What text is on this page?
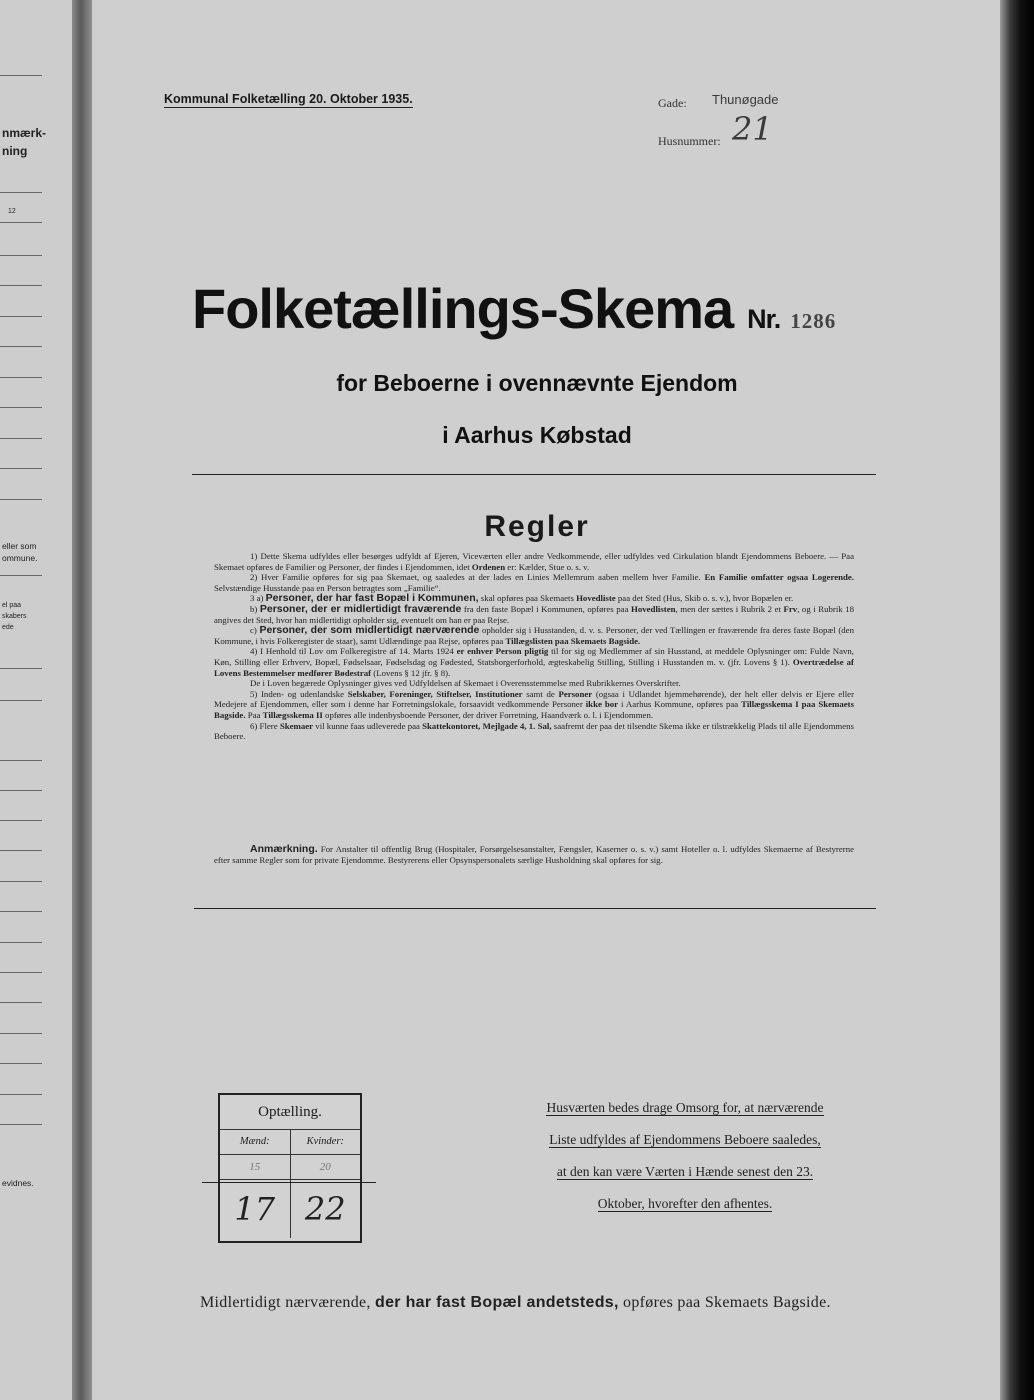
nmærk-
ning
12
eller som
ommune.
el paa
skabers
ede
evidnes.
Kommunal Folketælling 20. Oktober 1935.	Gade: Thunøgade
Husnummer: 21
Folketællings-Skema Nr. 1286
for Beboerne i ovennævnte Ejendom
i Aarhus Købstad
Regler

1) Dette Skema udfyldes eller besørges udfyldt af Ejeren, Viceværten eller andre Vedkommende, eller udfyldes ved Cirkulation blandt Ejendommens Beboere. — Paa Skemaet opføres de Familier og Personer, der findes i Ejendommen, idet Ordenen er: Kælder, Stue o. s. v.

2) Hver Familie opføres for sig paa Skemaet, og saaledes at der lades en Linies Mellemrum aaben mellem hver Familie. En Familie omfatter ogsaa Logerende. Selvstændige Husstande paa en Person betragtes som „Familie“.

3 a) Personer, der har fast Bopæl i Kommunen, skal opføres paa Skemaets Hovedliste paa det Sted (Hus, Skib o. s. v.), hvor Bopælen er.

b) Personer, der er midlertidigt fraværende fra den faste Bopæl i Kommunen, opføres paa Hovedlisten, men der sættes i Rubrik 2 et Frv, og i Rubrik 18 angives det Sted, hvor han midlertidigt opholder sig, eventuelt om han er paa Rejse.

c) Personer, der som midlertidigt nærværende opholder sig i Husstanden, d. v. s. Personer, der ved Tællingen er fraværende fra deres faste Bopæl (den Kommune, i hvis Folkeregister de staar), samt Udlændinge paa Rejse, opføres paa Tillægslisten paa Skemaets Bagside.

4) I Henhold til Lov om Folkeregistre af 14. Marts 1924 er enhver Person pligtig til for sig og Medlemmer af sin Husstand, at meddele Oplysninger om: Fulde Navn, Køn, Stilling eller Erhverv, Bopæl, Fødselsaar, Fødselsdag og Fødested, Statsborgerforhold, ægteskabelig Stilling, Stilling i Husstanden m. v. (jfr. Lovens § 1). Overtrædelse af Lovens Bestemmelser medfører Bødestraf (Lovens § 12 jfr. § 8).

De i Loven begærede Oplysninger gives ved Udfyldelsen af Skemaet i Overensstemmelse med Rubrikkernes Overskrifter.

5) Inden- og udenlandske Selskaber, Foreninger, Stiftelser, Institutioner samt de Personer (ogsaa i Udlandet hjemmehørende), der helt eller delvis er Ejere eller Medejere af Ejendommen, eller som i denne har Forretningslokale, forsaavidt vedkommende Personer ikke bor i Aarhus Kommune, opføres paa Tillægsskema I paa Skemaets Bagside. Paa Tillægsskema II opføres alle indenbysboende Personer, der driver Forretning, Haandværk o. l. i Ejendommen.

6) Flere Skemaer vil kunne faas udleverede paa Skattekontoret, Mejlgade 4, 1. Sal, saafremt der paa det tilsendte Skema ikke er tilstrækkelig Plads til alle Ejendommens Beboere.

Anmærkning. For Anstalter til offentlig Brug (Hospitaler, Forsørgelsesanstalter, Fængsler, Kaserner o. s. v.) samt Hoteller o. l. udfyldes Skemaerne af Bestyrerne efter samme Regler som for private Ejendomme. Bestyrerens eller Opsynspersonalets særlige Husholdning skal opføres for sig.
Optælling.
Mænd:	Kvinder:
15	20
17 22
Husværten bedes drage Omsorg for, at nærværende
Liste udfyldes af Ejendommens Beboere saaledes,
at den kan være Værten i Hænde senest den 23.
Oktober, hvorefter den afhentes.
Midlertidigt nærværende, der har fast Bopæl andetsteds, opføres paa Skemaets Bagside.
